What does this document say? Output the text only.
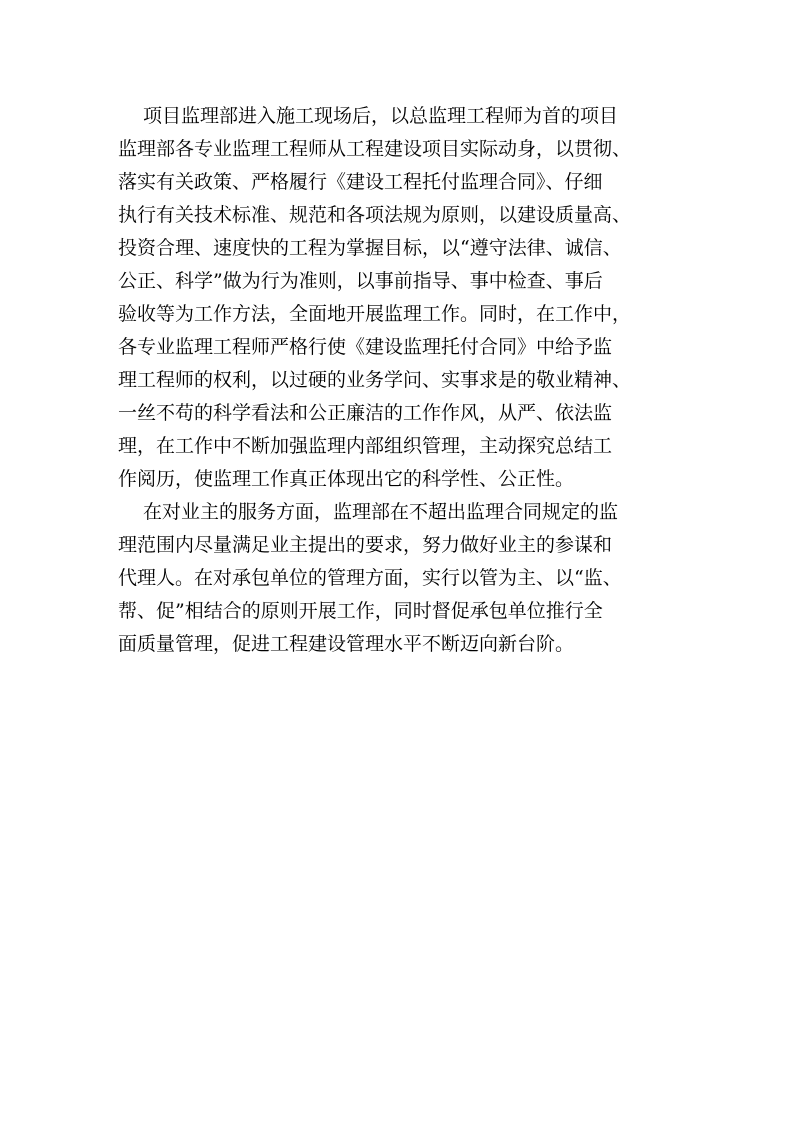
项目监理部进入施工现场后，以总监理工程师为首的项目
监理部各专业监理工程师从工程建设项目实际动身，以贯彻、
落实有关政策、严格履行《建设工程托付监理合同》、仔细
执行有关技术标准、规范和各项法规为原则，以建设质量高、
投资合理、速度快的工程为掌握目标，以“遵守法律、诚信、
公正、科学”做为行为准则，以事前指导、事中检查、事后
验收等为工作方法，全面地开展监理工作。同时，在工作中，
各专业监理工程师严格行使《建设监理托付合同》中给予监
理工程师的权利，以过硬的业务学问、实事求是的敬业精神、
一丝不苟的科学看法和公正廉洁的工作作风，从严、依法监
理，在工作中不断加强监理内部组织管理，主动探究总结工
作阅历，使监理工作真正体现出它的科学性、公正性。
在对业主的服务方面，监理部在不超出监理合同规定的监
理范围内尽量满足业主提出的要求，努力做好业主的参谋和
代理人。在对承包单位的管理方面，实行以管为主、以“监、
帮、促”相结合的原则开展工作，同时督促承包单位推行全
面质量管理，促进工程建设管理水平不断迈向新台阶。
